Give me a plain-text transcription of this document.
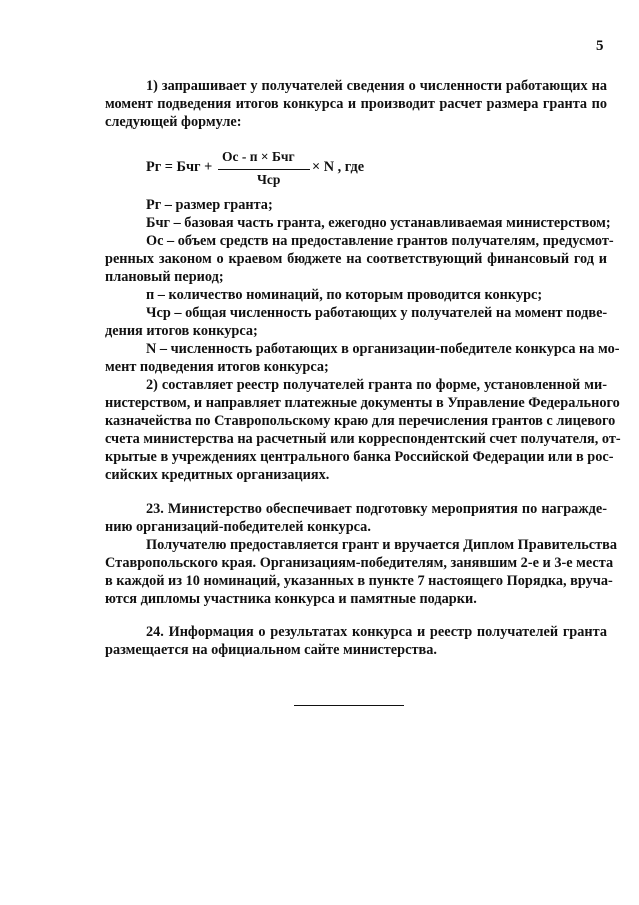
5
1) запрашивает у получателей сведения о численности работающих на
момент подведения итогов конкурса и производит расчет размера гранта по
следующей формуле:
Рг = Бчг +
Ос - п × Бчг
Чср
× N , где
Рг – размер гранта;
Бчг – базовая часть гранта, ежегодно устанавливаемая министерством;
Ос – объем средств на предоставление грантов получателям, предусмот-
ренных законом о краевом бюджете на соответствующий финансовый год и
плановый период;
п – количество номинаций, по которым проводится конкурс;
Чср – общая численность работающих у получателей на момент подве-
дения итогов конкурса;
N – численность работающих в организации-победителе конкурса на мо-
мент подведения итогов конкурса;
2) составляет реестр получателей гранта по форме, установленной ми-
нистерством, и направляет платежные документы в Управление Федерального
казначейства по Ставропольскому краю для перечисления грантов с лицевого
счета министерства на расчетный или корреспондентский счет получателя, от-
крытые в учреждениях центрального банка Российской Федерации или в рос-
сийских кредитных организациях.
23. Министерство обеспечивает подготовку мероприятия по награжде-
нию организаций-победителей конкурса.
Получателю предоставляется грант и вручается Диплом Правительства
Ставропольского края. Организациям-победителям, занявшим 2-е и 3-е места
в каждой из 10 номинаций, указанных в пункте 7 настоящего Порядка, вруча-
ются дипломы участника конкурса и памятные подарки.
24. Информация о результатах конкурса и реестр получателей гранта
размещается на официальном сайте министерства.
